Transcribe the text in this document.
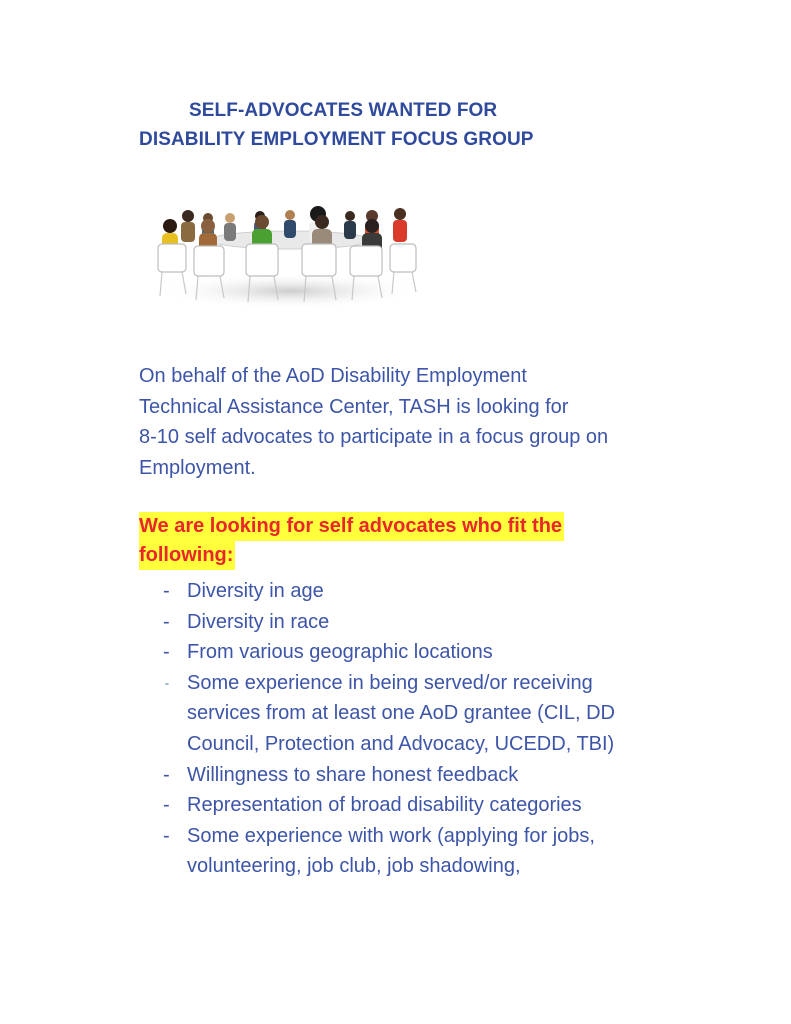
SELF-ADVOCATES WANTED FOR
DISABILITY EMPLOYMENT FOCUS GROUP
On behalf of the AoD Disability Employment
Technical Assistance Center, TASH is looking for
8-10 self advocates to participate in a focus group on
Employment.
We are looking for self advocates who fit the
following:
- Diversity in age
- Diversity in race
- From various geographic locations
- Some experience in being served/or receiving
services from at least one AoD grantee (CIL, DD
Council, Protection and Advocacy, UCEDD, TBI)
- Willingness to share honest feedback
- Representation of broad disability categories
- Some experience with work (applying for jobs,
volunteering, job club, job shadowing,
